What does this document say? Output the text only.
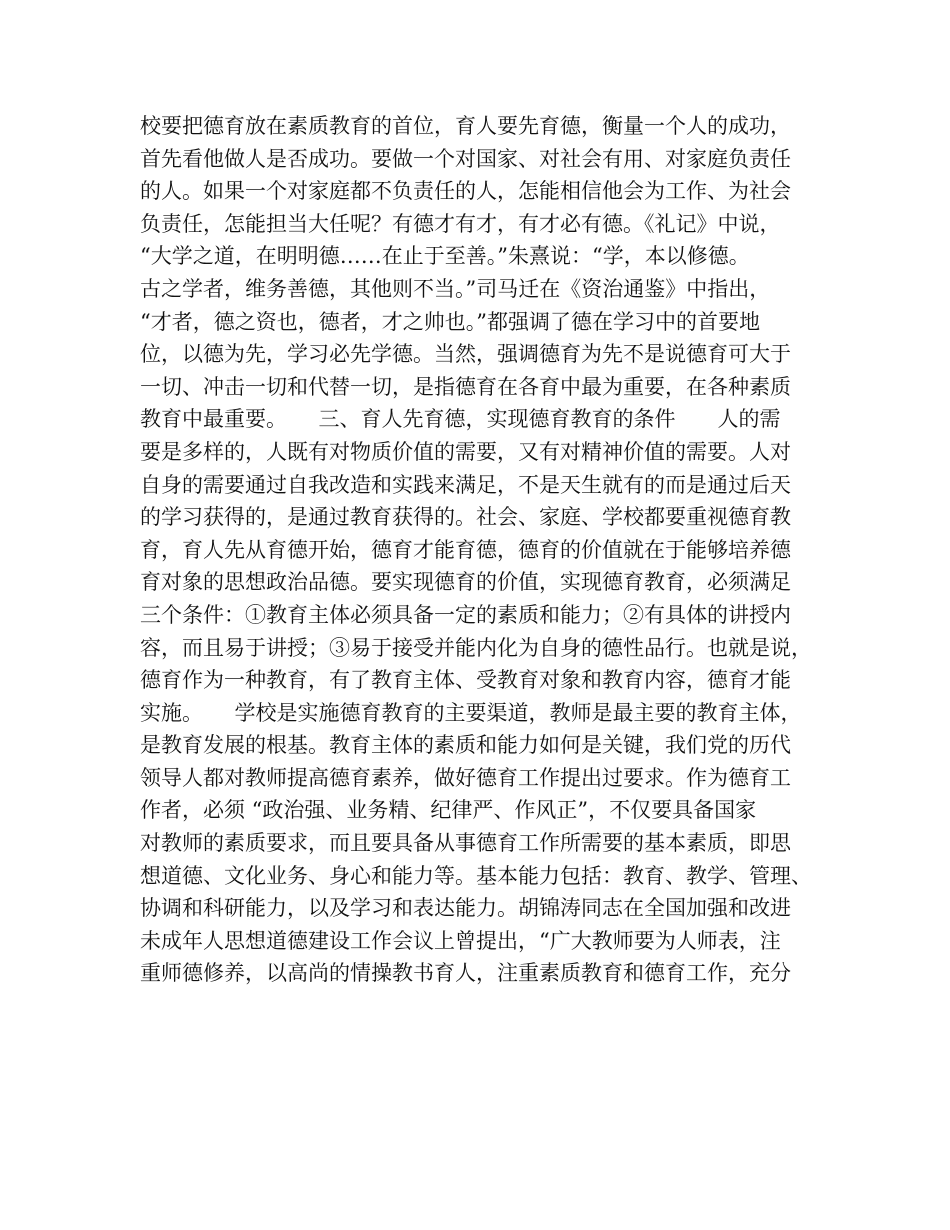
校要把德育放在素质教育的首位，育人要先育德，衡量一个人的成功，
首先看他做人是否成功。要做一个对国家、对社会有用、对家庭负责任
的人。如果一个对家庭都不负责任的人，怎能相信他会为工作、为社会
负责任，怎能担当大任呢？有德才有才，有才必有德。《礼记》中说，
“大学之道，在明明德……在止于至善。”朱熹说：“学，本以修德。
古之学者，维务善德，其他则不当。”司马迁在《资治通鉴》中指出，
“才者，德之资也，德者，才之帅也。”都强调了德在学习中的首要地
位，以德为先，学习必先学德。当然，强调德育为先不是说德育可大于
一切、冲击一切和代替一切，是指德育在各育中最为重要，在各种素质
教育中最重要。　　三、育人先育德，实现德育教育的条件　　人的需
要是多样的，人既有对物质价值的需要，又有对精神价值的需要。人对
自身的需要通过自我改造和实践来满足，不是天生就有的而是通过后天
的学习获得的，是通过教育获得的。社会、家庭、学校都要重视德育教
育，育人先从育德开始，德育才能育德，德育的价值就在于能够培养德
育对象的思想政治品德。要实现德育的价值，实现德育教育，必须满足
三个条件：①教育主体必须具备一定的素质和能力；②有具体的讲授内
容，而且易于讲授；③易于接受并能内化为自身的德性品行。也就是说，
德育作为一种教育，有了教育主体、受教育对象和教育内容，德育才能
实施。　　学校是实施德育教育的主要渠道，教师是最主要的教育主体，
是教育发展的根基。教育主体的素质和能力如何是关键，我们党的历代
领导人都对教师提高德育素养，做好德育工作提出过要求。作为德育工
作者，必须 “政治强、业务精、纪律严、作风正”，不仅要具备国家
对教师的素质要求，而且要具备从事德育工作所需要的基本素质，即思
想道德、文化业务、身心和能力等。基本能力包括：教育、教学、管理、
协调和科研能力，以及学习和表达能力。胡锦涛同志在全国加强和改进
未成年人思想道德建设工作会议上曾提出，“广大教师要为人师表，注
重师德修养，以高尚的情操教书育人，注重素质教育和德育工作，充分
